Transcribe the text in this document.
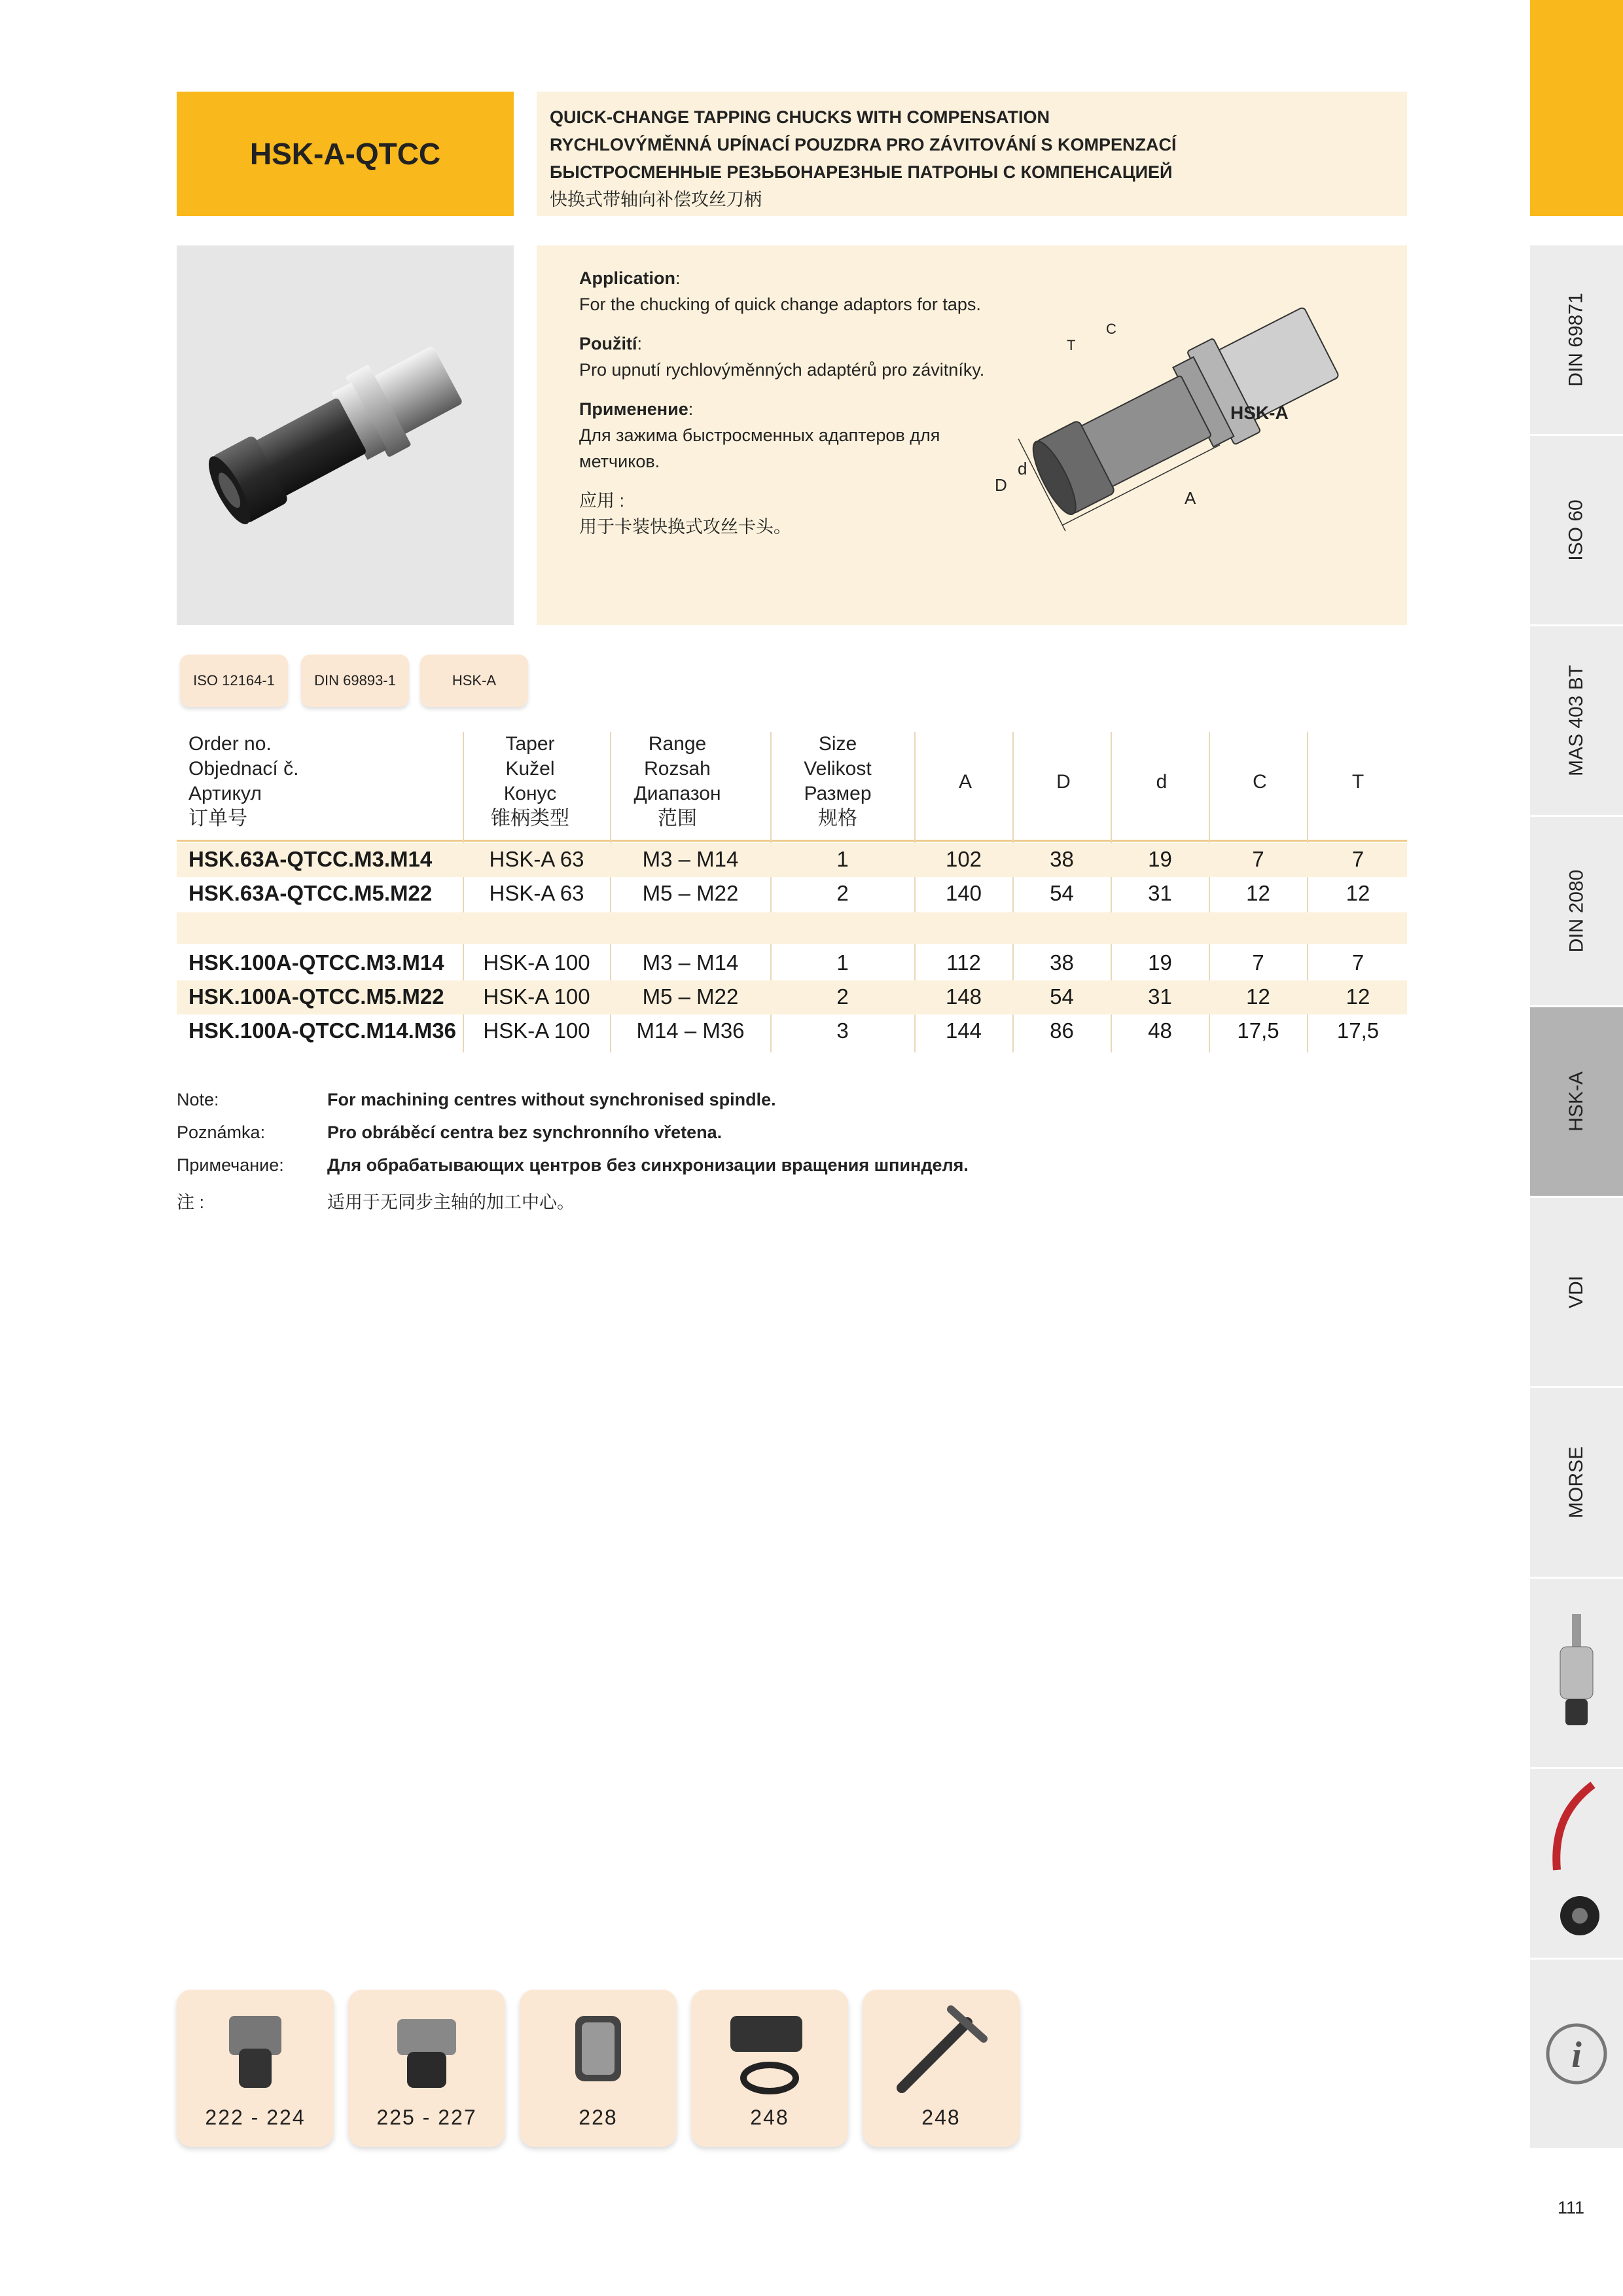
HSK-A-QTCC
QUICK-CHANGE TAPPING CHUCKS WITH COMPENSATION
RYCHLOVÝMĚNNÁ UPÍNACÍ POUZDRA PRO ZÁVITOVÁNÍ S KOMPENZACÍ
БЫСТРОСМЕННЫЕ РЕЗЬБОНАРЕЗНЫЕ ПАТРОНЫ С КОМПЕНСАЦИЕЙ
快换式带轴向补偿攻丝刀柄
Application:
For the chucking of quick change adaptors for taps.
Použití:
Pro upnutí rychlovýměnných adaptérů pro závitníky.
Применение:
Для зажима быстросменных адаптеров для
метчиков.
应用 :
用于卡装快换式攻丝卡头。
HSK-A
A
D
d
T
C
ISO 12164-1	DIN 69893-1	HSK-A
Order no.
Objednací č.
Артикул
订单号
Taper
Kužel
Конус
锥柄类型
Range
Rozsah
Диапазон
范围
Size
Velikost
Размер
规格
A	D	d	C	T
HSK.63A-QTCC.M3.M14	HSK-A 63	M3 – M14	1	102	38	19	7	7
HSK.63A-QTCC.M5.M22	HSK-A 63	M5 – M22	2	140	54	31	12	12
HSK.100A-QTCC.M3.M14	HSK-A 100	M3 – M14	1	112	38	19	7	7
HSK.100A-QTCC.M5.M22	HSK-A 100	M5 – M22	2	148	54	31	12	12
HSK.100A-QTCC.M14.M36	HSK-A 100	M14 – M36	3	144	86	48	17,5	17,5
Note:	For machining centres without synchronised spindle.
Poznámka:	Pro obráběcí centra bez synchronního vřetena.
Примечание: Для обрабатывающих центров без синхронизации вращения шпинделя.
注 :	适用于无同步主轴的加工中心。
DIN 69871
ISO 60
MAS 403 BT
DIN 2080
HSK-A
VDI
MORSE
i
222 - 224	225 - 227	228	248	248
111
